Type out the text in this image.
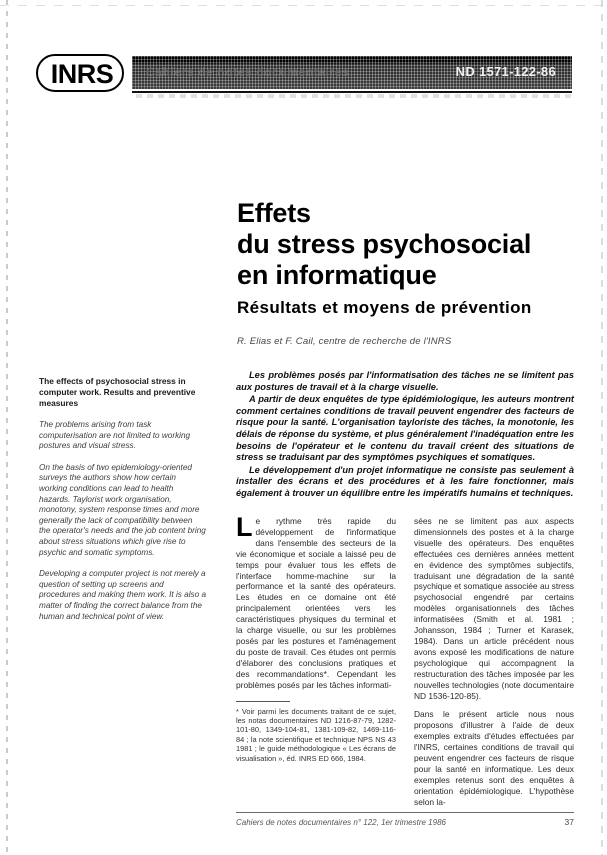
INRS	Cahiers de notes documentaires	ND 1571-122-86
Effets
du stress psychosocial
en informatique
Résultats et moyens de prévention
R. Elias et F. Cail, centre de recherche de l'INRS
The effects of psychosocial stress in computer work. Results and preventive measures
The problems arising from task computerisation are not limited to working postures and visual stress.
On the basis of two epidemiology-oriented surveys the authors show how certain working conditions can lead to health hazards. Taylorist work organisation, monotony, system response times and more generally the lack of compatibility between the operator's needs and the job content bring about stress situations which give rise to psychic and somatic symptoms.
Developing a computer project is not merely a question of setting up screens and procedures and making them work. It is also a matter of finding the correct balance from the human and technical point of view.

Les problèmes posés par l'informatisation des tâches ne se limitent pas aux postures de travail et à la charge visuelle.

A partir de deux enquêtes de type épidémiologique, les auteurs montrent comment certaines conditions de travail peuvent engendrer des facteurs de risque pour la santé. L'organisation tayloriste des tâches, la monotonie, les délais de réponse du système, et plus généralement l'inadéquation entre les besoins de l'opérateur et le contenu du travail créent des situations de stress se traduisant par des symptômes psychiques et somatiques.

Le développement d'un projet informatique ne consiste pas seulement à installer des écrans et des procédures et à les faire fonctionner, mais également à trouver un équilibre entre les impératifs humains et techniques.

Le rythme très rapide du développement de l'informatique dans l'ensemble des secteurs de la vie économique et sociale a laissé peu de temps pour évaluer tous les effets de l'interface homme-machine sur la performance et la santé des opérateurs. Les études en ce domaine ont été principalement orientées vers les caractéristiques physiques du terminal et la charge visuelle, ou sur les problèmes posés par les postures et l'aménagement du poste de travail. Ces études ont permis d'élaborer des conclusions pratiques et des recommandations*. Cependant les problèmes posés par les tâches informati-

* Voir parmi les documents traitant de ce sujet, les notas documentaires ND 1216-87-79, 1282-101-80, 1349-104-81, 1381-109-82, 1469-116-84 ; la note scientifique et technique NPS NS 43 1981 ; le guide méthodologique « Les écrans de visualisation », éd. INRS ED 666, 1984.

sées ne se limitent pas aux aspects dimensionnels des postes et à la charge visuelle des opérateurs. Des enquêtes effectuées ces dernières années mettent en évidence des symptômes subjectifs, traduisant une dégradation de la santé psychique et somatique associée au stress psychosocial engendré par certains modèles organisationnels des tâches informatisées (Smith et al. 1981 ; Johansson, 1984 ; Turner et Karasek, 1984). Dans un article précédent nous avons exposé les modifications de nature psychologique qui accompagnent la restructuration des tâches imposée par les nouvelles technologies (note documentaire ND 1536-120-85).

Dans le présent article nous nous proposons d'illustrer à l'aide de deux exemples extraits d'études effectuées par l'INRS, certaines conditions de travail qui peuvent engendrer ces facteurs de risque pour la santé en informatique. Les deux exemples retenus sont des enquêtes à orientation épidémiologique. L'hypothèse selon la-

Cahiers de notes documentaires n° 122, 1er trimestre 1986	37
